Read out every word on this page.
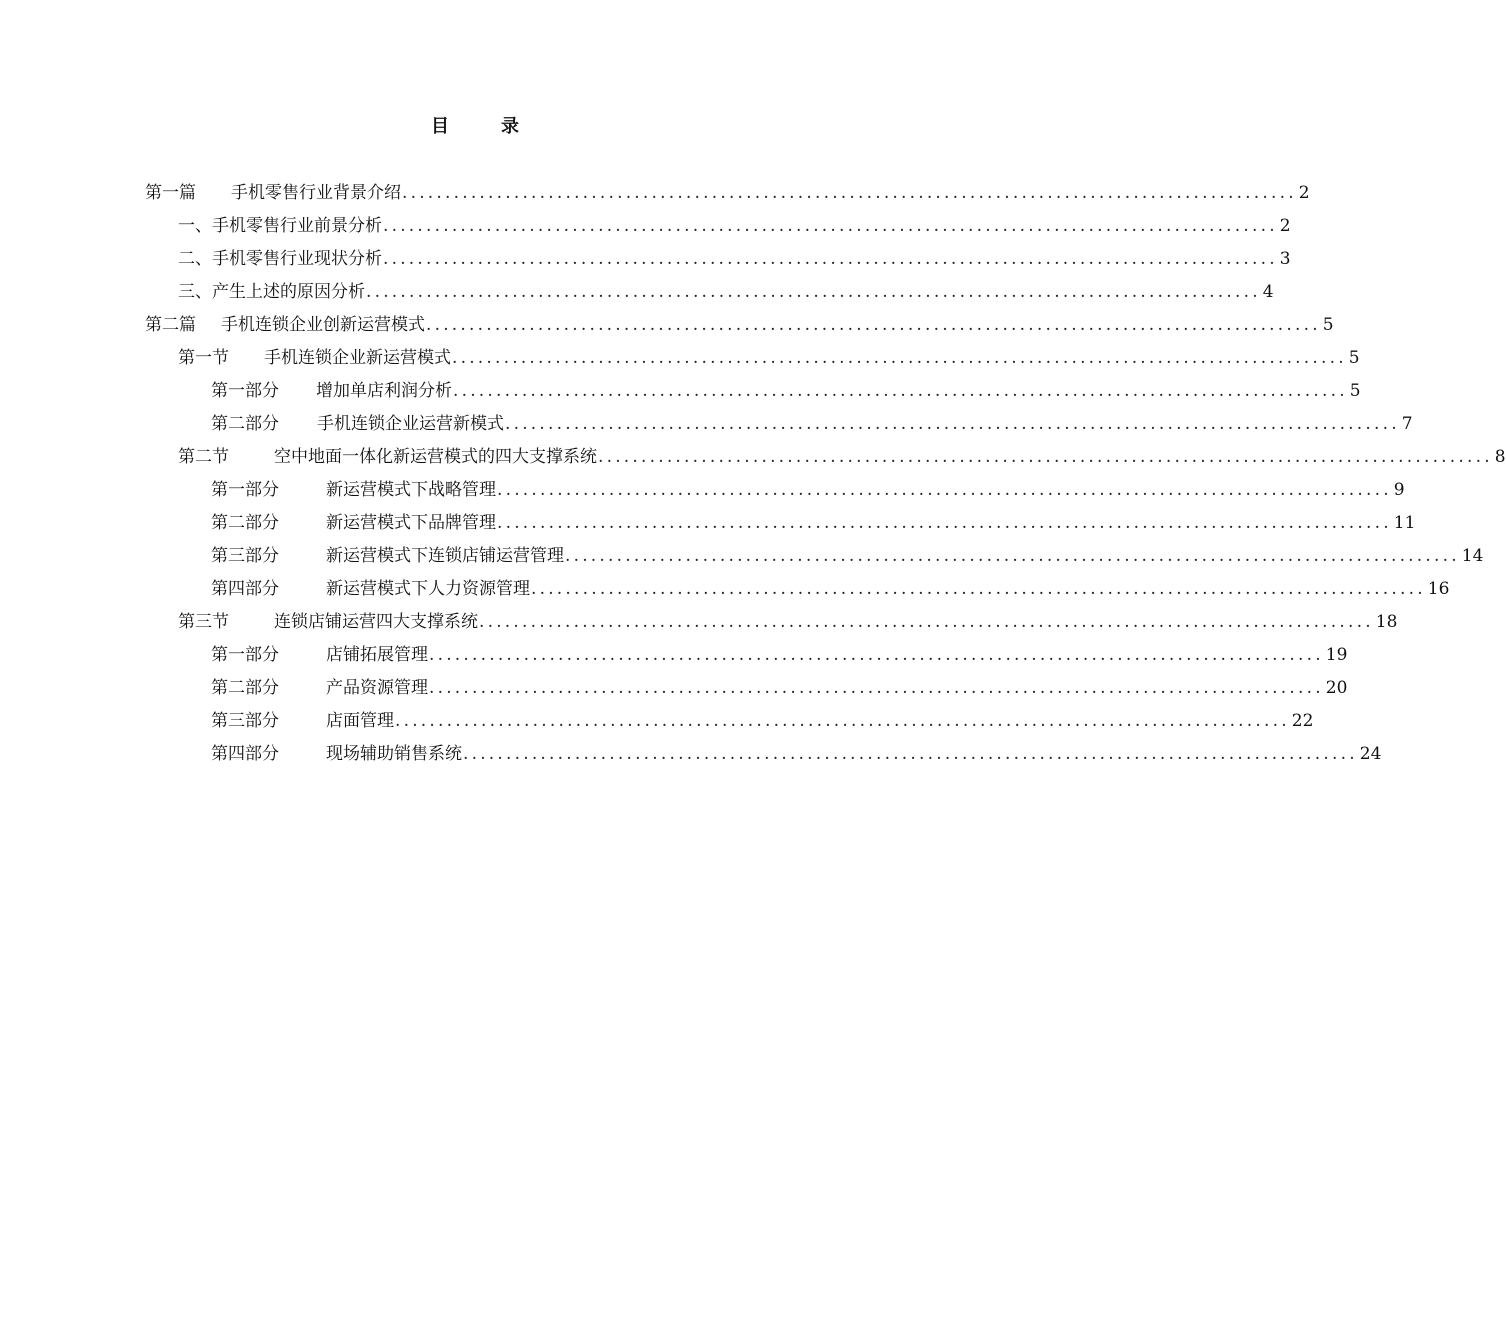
目	录
第一篇	手机零售行业背景介绍 ........................................................................................................ 2
一、手机零售行业前景分析 ........................................................................................................ 2
二、手机零售行业现状分析 ........................................................................................................ 3
三、产生上述的原因分析 ........................................................................................................ 4
第二篇	手机连锁企业创新运营模式 ........................................................................................................ 5
第一节	手机连锁企业新运营模式 ........................................................................................................ 5
第一部分	增加单店利润分析 ........................................................................................................ 5
第二部分	手机连锁企业运营新模式 ........................................................................................................ 7
第二节	空中地面一体化新运营模式的四大支撑系统 ........................................................................................................ 8
第一部分	新运营模式下战略管理 ........................................................................................................ 9
第二部分	新运营模式下品牌管理 ........................................................................................................ 11
第三部分	新运营模式下连锁店铺运营管理 ........................................................................................................ 14
第四部分	新运营模式下人力资源管理 ........................................................................................................ 16
第三节	连锁店铺运营四大支撑系统 ........................................................................................................ 18
第一部分	店铺拓展管理 ........................................................................................................ 19
第二部分	产品资源管理 ........................................................................................................ 20
第三部分	店面管理 ........................................................................................................ 22
第四部分	现场辅助销售系统 ........................................................................................................ 24
